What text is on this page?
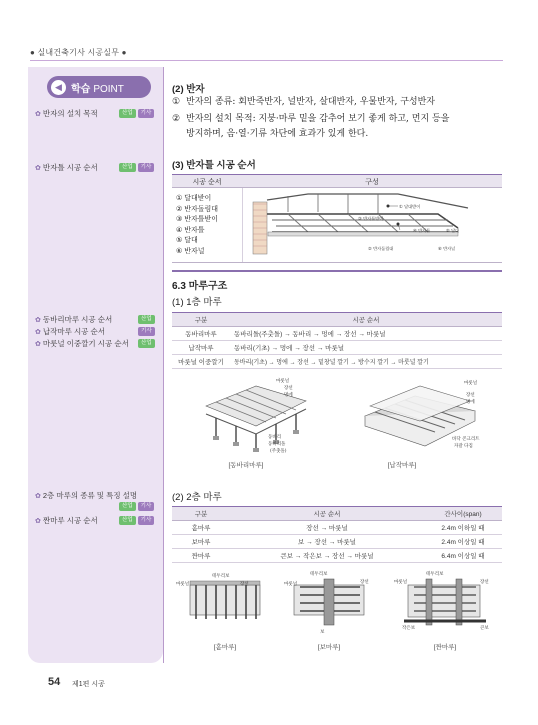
● 실내건축기사 시공실무 ●
◀ 학습 POINT
✿ 반자의 설치 목적	산업	기사
✿ 반자틀 시공 순서	산업	기사
✿ 동바리마루 시공 순서	산업
✿ 납작마루 시공 순서	기사
✿ 마룻널 이중깔기 시공 순서	산업
✿ 2층 마루의 종류 및 특징 설명
산업	기사
✿ 짠마루 시공 순서	산업	기사
(2) 반자
① 반자의 종류: 회반죽반자, 널반자, 살대반자, 우물반자, 구성반자
② 반자의 설치 목적: 지붕·마루 밑을 감추어 보기 좋게 하고, 먼지 등을
방지하며, 음·열·기류 차단에 효과가 있게 한다.
(3) 반자틀 시공 순서
시공 순서	구성
① 달대받이
② 반자돌림대
③ 반자틀받이
④ 반자틀
⑤ 달대
⑥ 반자널
① 달대받이
⑤ 달대
③ 반자틀받이
④ 반자틀
② 반자돌림대	⑥ 반자널
6.3 마루구조
(1) 1층 마루
구분	시공 순서
동바리마루	동바리돌(주춧돌) → 동바리 → 멍에 → 장선 → 마룻널
납작마루	동바리(기초) → 멍에 → 장선 → 마룻널
마룻널 이중깔기	동바리(기초) → 멍에 → 장선 → 밑창널 깔기 → 방수지 깔기 → 마룻널 깔기
마룻널
장선
멍에
동바리
동바리돌
(주춧돌)
[동바리마루]
마룻널
장선
멍에
바닥 콘크리트
자갈 다짐
[납작마루]
(2) 2층 마루
구분	시공 순서	간사이(span)
홑마루	장선 → 마룻널	2.4m 이하일 때
보마루	보 → 장선 → 마룻널	2.4m 이상일 때
짠마루	큰보 → 작은보 → 장선 → 마룻널	6.4m 이상일 때
테두리보
마룻널	장선
[홑마루]
테두리보
마룻널	장선
보
[보마루]
테두리보
마룻널	장선
작은보	큰보
[짠마루]
54 제1편 시공
